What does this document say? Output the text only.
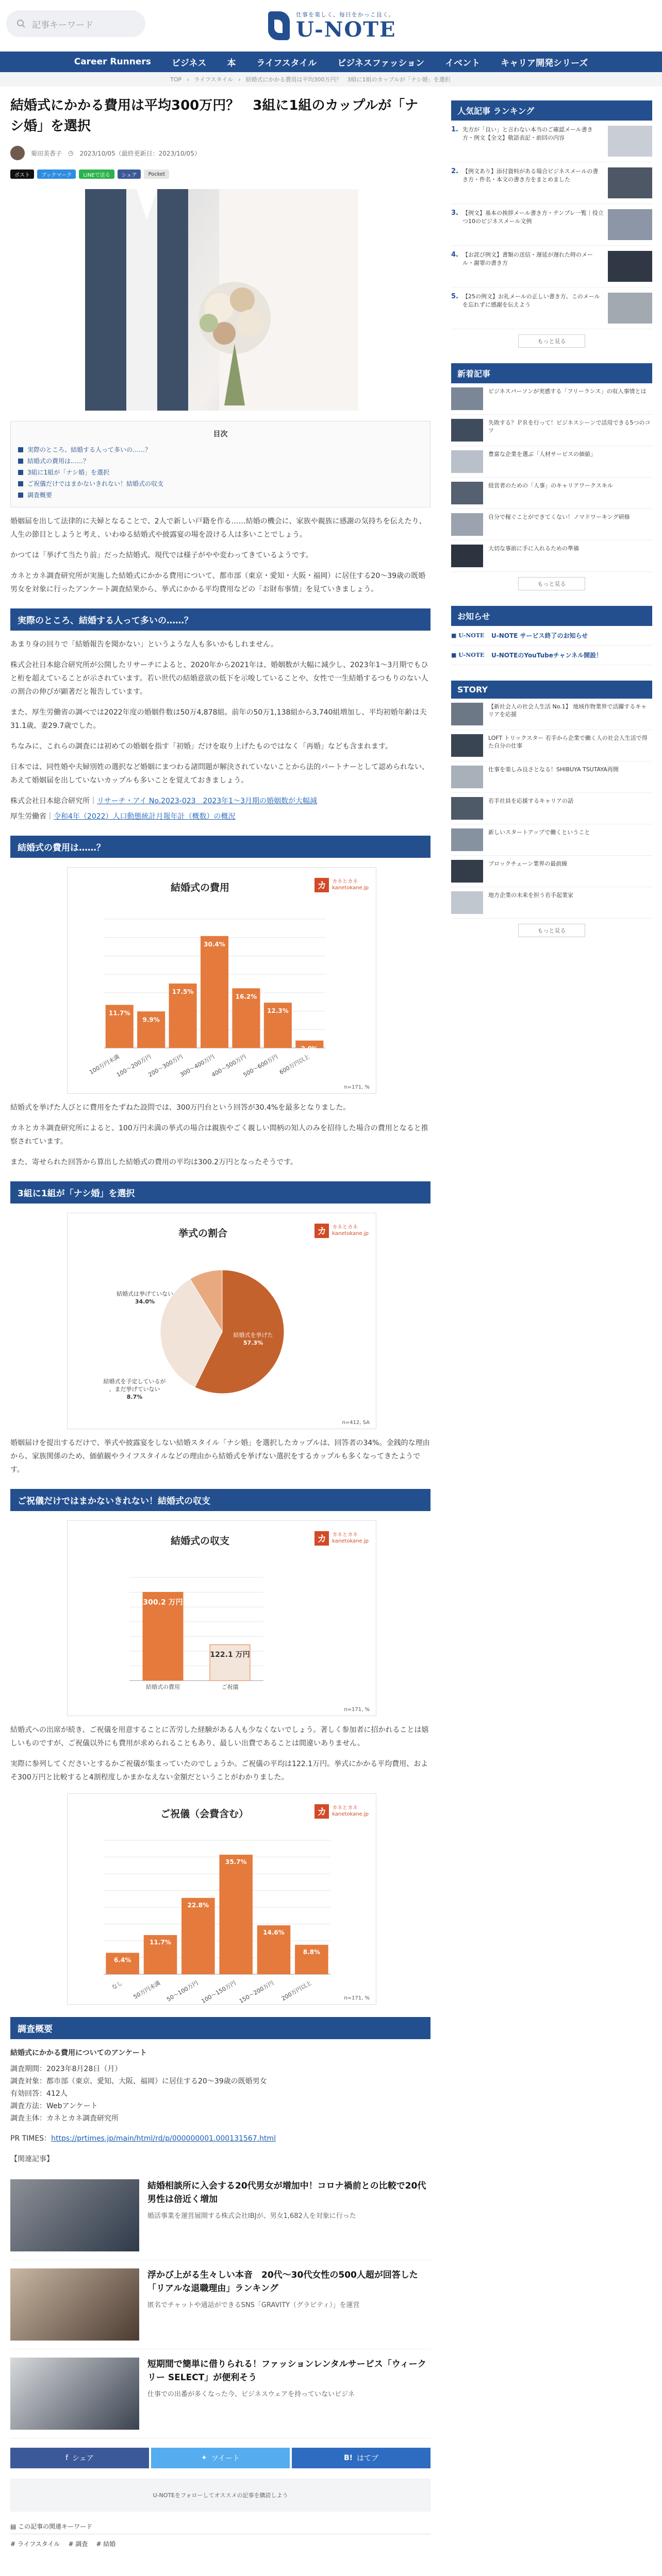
記事キーワード
仕事を楽しく、毎日をかっこ良く。
U-NOTE
Career Runners ビジネス 本 ライフスタイル ビジネスファッション イベント キャリア開発シリーズ
TOP › ライフスタイル › 結婚式にかかる費用は平均300万円？　3組に1組のカップルが「ナシ婚」を選択
結婚式にかかる費用は平均300万円？　3組に1組のカップルが「ナシ婚」を選択
菊田美香子 ◷ 2023/10/05（最終更新日：2023/10/05）
ポスト	ブックマーク	LINEで送る	シェア	Pocket
目次
実際のところ、結婚する人って多いの……？
結婚式の費用は……？
3組に1組が「ナシ婚」を選択
ご祝儀だけではまかないきれない！結婚式の収支
調査概要

婚姻届を出して法律的に夫婦となることで、2人で新しい戸籍を作る……結婚の機会に、家族や親族に感謝の気持ちを伝えたり、人生の節目としようと考え、いわゆる結婚式や披露宴の場を設ける人は多いことでしょう。

かつては「挙げて当たり前」だった結婚式。現代では様子がやや変わってきているようです。

カネとカネ調査研究所が実施した結婚式にかかる費用について、都市部（東京・愛知・大阪・福岡）に居住する20〜39歳の既婚男女を対象に行ったアンケート調査結果から、挙式にかかる平均費用などの「お財布事情」を見ていきましょう。

実際のところ、結婚する人って多いの……？

あまり身の回りで「結婚報告を聞かない」というような人も多いかもしれません。

株式会社日本総合研究所が公開したリサーチによると、2020年から2021年は、婚姻数が大幅に減少し、2023年1〜3月期でもひと桁を超えていることが示されています。若い世代の結婚意欲の低下を示唆していることや、女性で一生結婚するつもりのない人の割合の伸びが顕著だと報告しています。

また、厚生労働省の調べでは2022年度の婚姻件数は50万4,878組。前年の50万1,138組から3,740組増加し、平均初婚年齢は夫31.1歳、妻29.7歳でした。

ちなみに、これらの調査には初めての婚姻を指す「初婚」だけを取り上げたものではなく「再婚」なども含まれます。

日本では、同性婚や夫婦別姓の選択など婚姻にまつわる諸問題が解決されていないことから法的パートナーとして認められない、あえて婚姻届を出していないカップルも多いことを覚えておきましょう。

株式会社日本総合研究所｜リサーチ・アイ No.2023-023　2023年1〜3月期の婚姻数が大幅減

厚生労働省｜令和4年（2022）人口動態統計月報年計（概数）の概況

結婚式の費用は……？
結婚式の費用	カ	カネとカネ
kanetokane.jp
11.7%
100万円未満
9.9%
100〜200万円
17.5%
200〜300万円
30.4%
300〜400万円
16.2%
400〜500万円
12.3%
500〜600万円
2.0%
600万円以上
n=171, %

結婚式を挙げた人びとに費用をたずねた設問では、300万円台という回答が30.4%を最多となりました。

カネとカネ調査研究所によると、100万円未満の挙式の場合は親族やごく親しい間柄の知人のみを招待した場合の費用となると推察されています。

また、寄せられた回答から算出した結婚式の費用の平均は300.2万円となったそうです。

3組に1組が「ナシ婚」を選択
挙式の割合	カ	カネとカネ
kanetokane.jp
結婚式を挙げた
57.3%
結婚式は挙げていない
34.0%
結婚式を予定しているが
、まだ挙げていない
8.7%
n=412, SA

婚姻届けを提出するだけで、挙式や披露宴をしない結婚スタイル「ナシ婚」を選択したカップルは、回答者の34%。金銭的な理由から、家族関係のため、価値観やライフスタイルなどの理由から結婚式を挙げない選択をするカップルも多くなってきたようです。

ご祝儀だけではまかないきれない！結婚式の収支
結婚式の収支	カ	カネとカネ
kanetokane.jp
300.2 万円
結婚式の費用
122.1 万円
ご祝儀
n=171, %

結婚式への出席が続き、ご祝儀を用意することに苦労した経験がある人も少なくないでしょう。著しく参加者に招かれることは嬉しいものですが、ご祝儀以外にも費用が求められることもあり、最しい出費であることは間違いありません。

実際に参列してくださいとするかご祝儀が集まっていたのでしょうか。ご祝儀の平均は122.1万円。挙式にかかる平均費用、およそ300万円と比較すると4割程度しかまかなえない金額だということがわかりました。

ご祝儀（会費含む）	カ	カネとカネ
kanetokane.jp
6.4%
なし
11.7%
50万円未満
22.8%
50〜100万円
35.7%
100〜150万円
14.6%
150〜200万円
8.8%
200万円以上	n=171, %
調査概要

結婚式にかかる費用についてのアンケート

調査期間：2023年8月28日（月）
調査対象：都市部（東京、愛知、大阪、福岡）に居住する20〜39歳の既婚男女
有効回答：412人
調査方法：Webアンケート
調査主体：カネとカネ調査研究所

PR TIMES：https://prtimes.jp/main/html/rd/p/000000001.000131567.html

【関連記事】

結婚相談所に入会する20代男女が増加中！コロナ禍前との比較で20代男性は倍近く増加
婚活事業を運営展開する株式会社IBJが、男女1,682人を対象に行った
浮かび上がる生々しい本音　20代〜30代女性の500人超が回答した「リアルな退職理由」ランキング
匿名でチャットや通話ができるSNS「GRAVITY（グラビティ）」を運営
短期間で簡単に借りられる！ファッションレンタルサービス「ウィークリー SELECT」が便利そう
仕事での出番が多くなった今、ビジネスウェアを持っていないビジネ
f シェア	✦ ツイート	B! はてブ
U-NOTEをフォローしてオススメの記事を購読しよう
▤ この記事の関連キーワード
# ライフスタイル # 調査 # 結婚
人気記事 ランキング
1. 先方が「良い」と言わない本当のご確認メール書き方・例文【全文】敬語表記・前回の内容
2. 【例文あり】添付資料がある場合ビジネスメールの書き方・件名・本文の書き方をまとめました
3. 【例文】基本の挨拶メール書き方・テンプレ一覧｜役立つ10のビジネスメール文例
4. 【お詫び例文】書類の送信・遅延が遅れた時のメール・謝罪の書き方
5. 【25の例文】お礼メールの正しい書き方。このメールを忘れずに感謝を伝えよう
もっと見る
新着記事
ビジネスパーソンが実感する「フリーランス」の収入事情とは
失敗する？ＰＲを行って！ビジネスシーンで活用できる5つのコツ
豊富な企業を選ぶ「人材サービスの価値」
経営者のための「人事」のキャリアワークスキル
自分で稼ぐことができてくない！ノマドワーキング研修
大切な事前に手に入れるための準備
もっと見る
お知らせ
■ U-NOTE	U-NOTE サービス終了のお知らせ
■ U-NOTE	U-NOTEのYouTubeチャンネル開設！
STORY
【新社会人の社会人生活 No.1】 地域作物業界で活躍するキャリアを応援
LOFT トリックスター 若手から企業で働く人の社会人生活で得た自分の仕事
仕事を楽しみ良さとなる！SHIBUYA TSUTAYA再開
若手社員を応援するキャリアの話
新しいスタートアップで働くということ
ブロックチェーン業界の最前線
地方企業の未来を担う若手起業家
もっと見る
